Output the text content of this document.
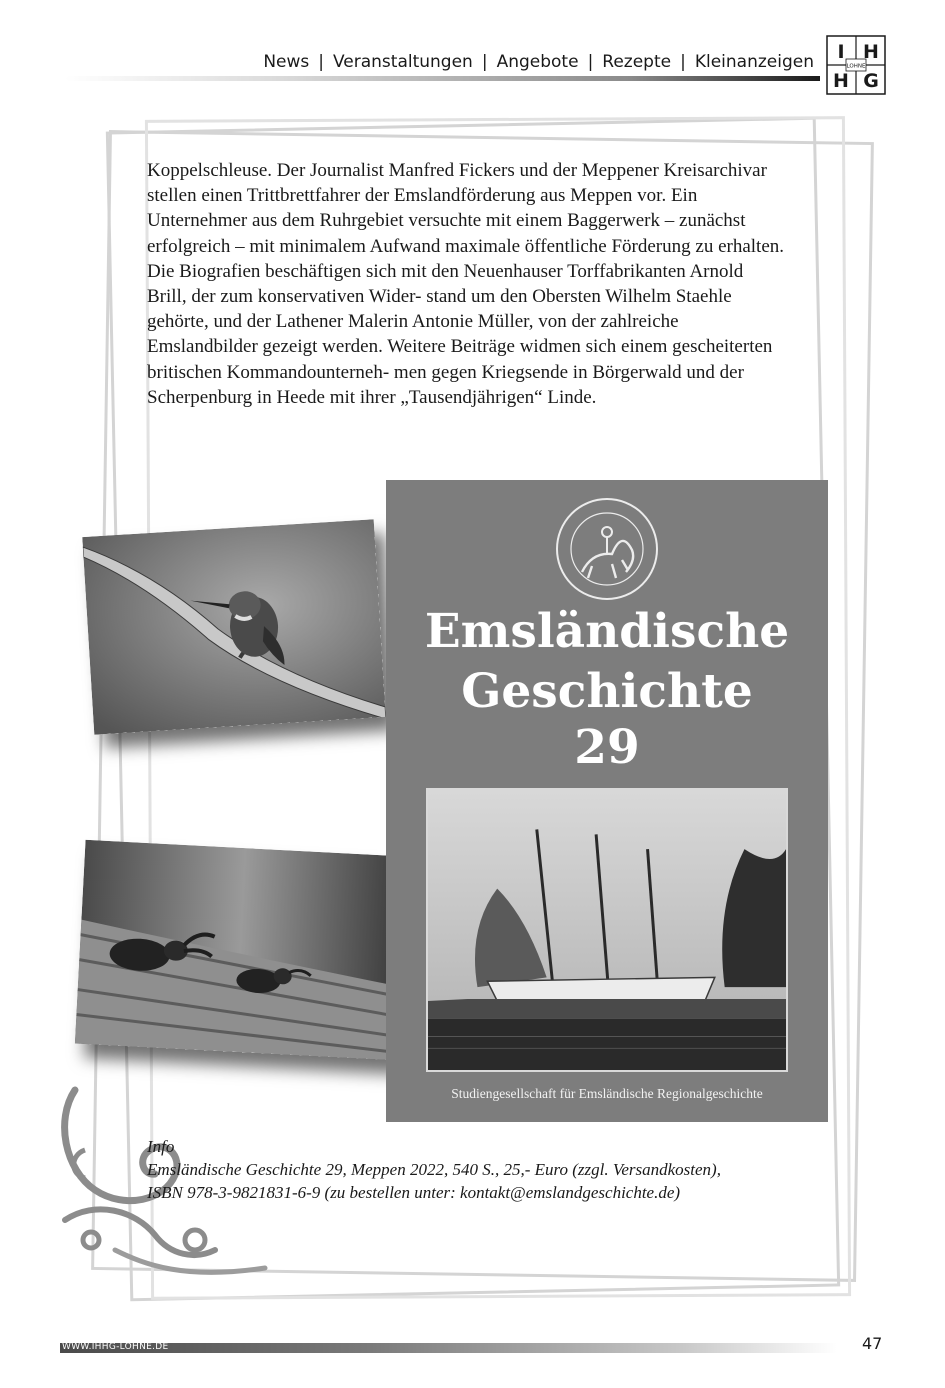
News | Veranstaltungen | Angebote | Rezepte | Kleinanzeigen I H
H G
LOHNE

Koppelschleuse. Der Journalist Manfred Fickers und der Meppener Kreisarchivar stellen einen Trittbrettfahrer der Emslandförderung aus Meppen vor. Ein Unternehmer aus dem Ruhrgebiet versuchte mit einem Baggerwerk – zunächst erfolgreich – mit minimalem Aufwand maximale öffentliche Förderung zu erhalten. Die Biografien beschäftigen sich mit den Neuenhauser Torffabrikanten Arnold Brill, der zum konservativen Wider- stand um den Obersten Wilhelm Staehle gehörte, und der Lathener Malerin Antonie Müller, von der zahlreiche Emslandbilder gezeigt werden. Weitere Beiträge widmen sich einem gescheiterten britischen Kommandounterneh- men gegen Kriegsende in Börgerwald und der Scherpenburg in Heede mit ihrer „Tausendjährigen“ Linde.

Emsländische
Geschichte
29
Studiengesellschaft für Emsländische Regionalgeschichte
Info
Emsländische Geschichte 29, Meppen 2022, 540 S., 25,- Euro (zzgl. Versandkosten),
ISBN 978-3-9821831-6-9 (zu bestellen unter: kontakt@emslandgeschichte.de)
WWW.IHHG-LOHNE.DE	47
